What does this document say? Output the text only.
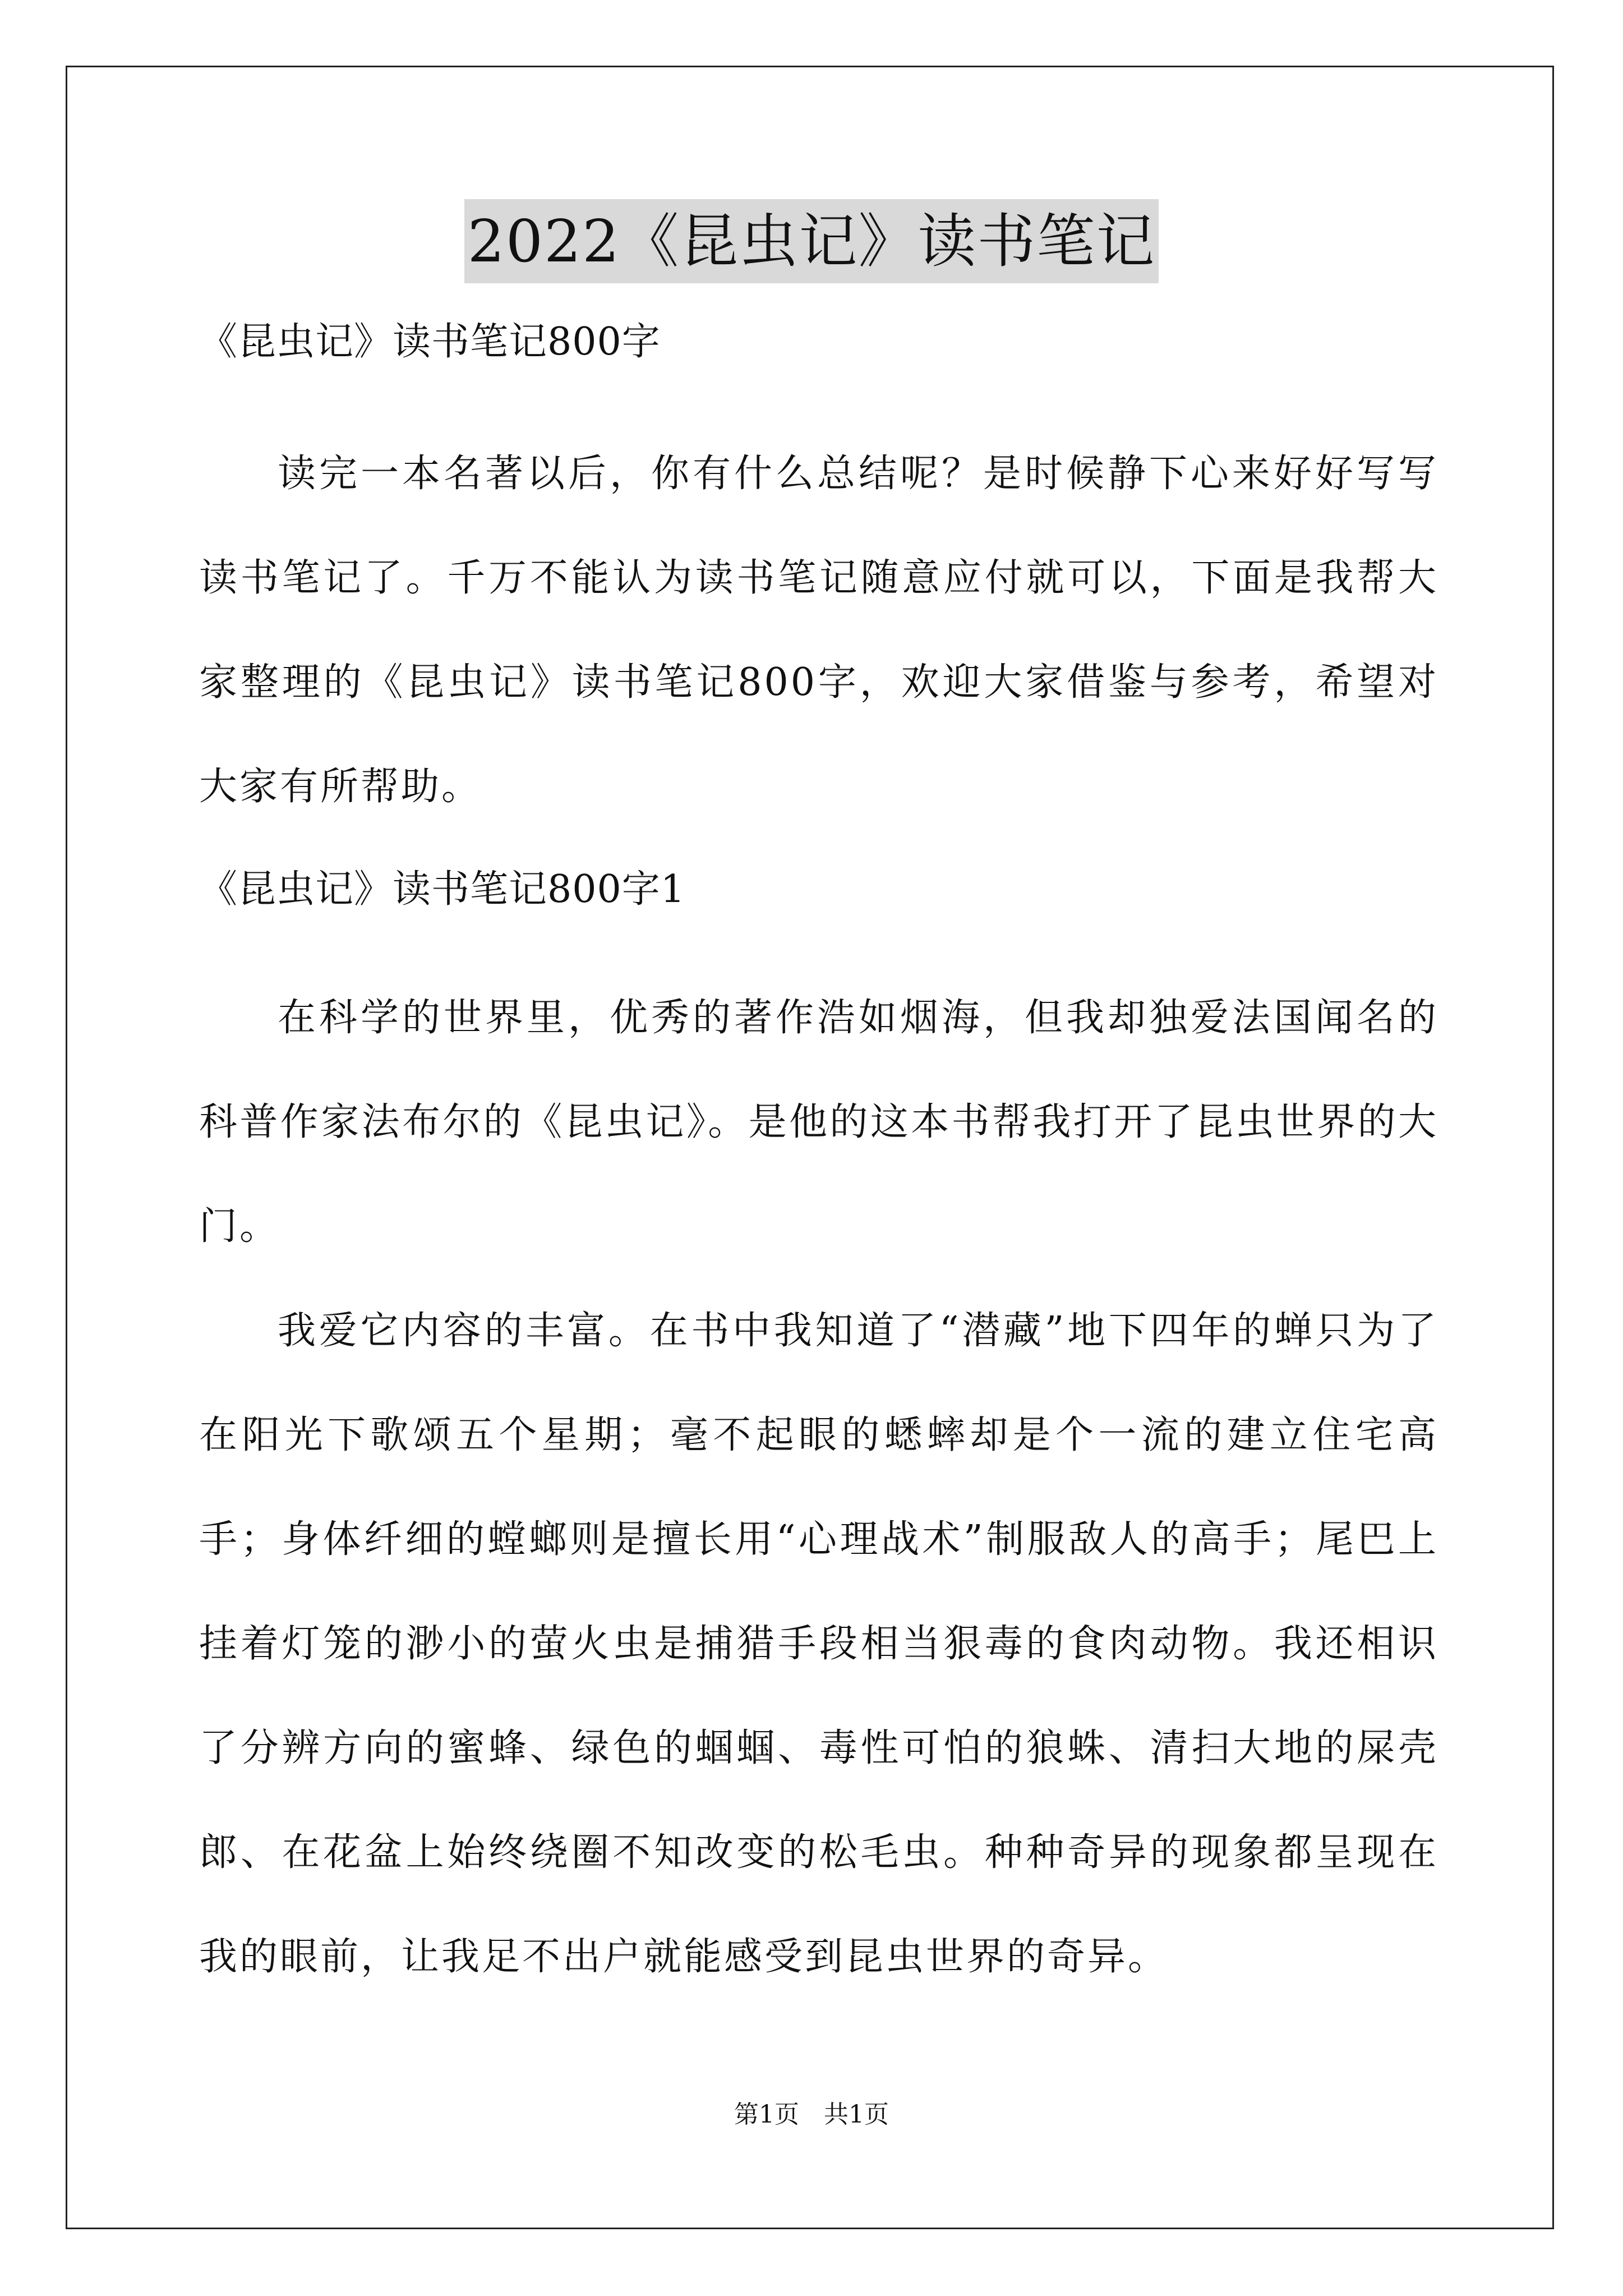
2022《昆虫记》读书笔记

《昆虫记》读书笔记800字

读完一本名著以后，你有什么总结呢？是时候静下心来好好写写读书笔记了。千万不能认为读书笔记随意应付就可以，下面是我帮大家整理的《昆虫记》读书笔记800字，欢迎大家借鉴与参考，希望对大家有所帮助。

《昆虫记》读书笔记800字1

在科学的世界里，优秀的著作浩如烟海，但我却独爱法国闻名的科普作家法布尔的《昆虫记》。是他的这本书帮我打开了昆虫世界的大门。

我爱它内容的丰富。在书中我知道了“潜藏”地下四年的蝉只为了在阳光下歌颂五个星期；毫不起眼的蟋蟀却是个一流的建立住宅高手；身体纤细的螳螂则是擅长用“心理战术”制服敌人的高手；尾巴上挂着灯笼的渺小的萤火虫是捕猎手段相当狠毒的食肉动物。我还相识了分辨方向的蜜蜂、绿色的蝈蝈、毒性可怕的狼蛛、清扫大地的屎壳郎、在花盆上始终绕圈不知改变的松毛虫。种种奇异的现象都呈现在我的眼前，让我足不出户就能感受到昆虫世界的奇异。

第1页　共1页
